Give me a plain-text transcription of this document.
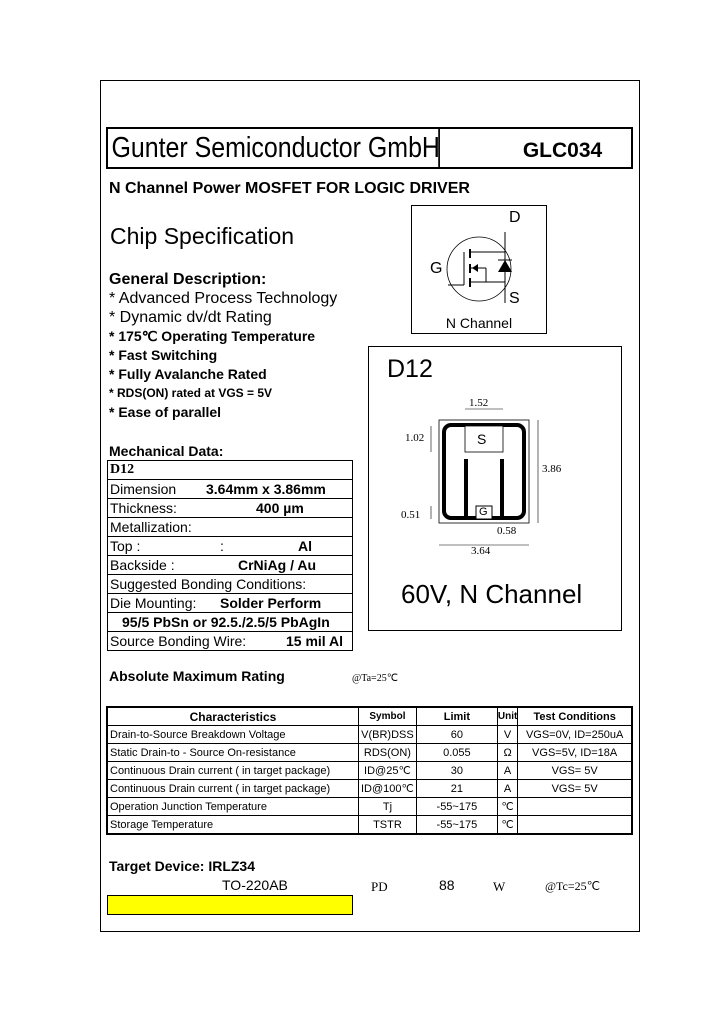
Gunter Semiconductor GmbH	GLC034
N Channel Power MOSFET FOR LOGIC DRIVER
Chip Specification
General Description:
* Advanced Process Technology
* Dynamic dv/dt Rating
* 175℃ Operating Temperature
* Fast Switching
* Fully Avalanche Rated
* RDS(ON) rated at VGS = 5V
* Ease of parallel
D
G
S
N Channel
D12
1.52
1.02
3.86
0.51
0.58
3.64
S
G
60V, N Channel
Mechanical Data:
D12
Dimension 3.64mm x 3.86mm
Thickness:	400 µm
Metallization:
Top :	:	Al
Backside :	CrNiAg / Au
Suggested Bonding Conditions:
Die Mounting: Solder Perform
95/5 PbSn or 92.5./2.5/5 PbAgIn
Source Bonding Wire:	15 mil Al
Absolute Maximum Rating	@Ta=25℃
Characteristics	Symbol	Limit	Unit	Test Conditions
Drain-to-Source Breakdown Voltage	V(BR)DSS	60	V	VGS=0V, ID=250uA
Static Drain-to - Source On-resistance	RDS(ON)	0.055	Ω	VGS=5V, ID=18A
Continuous Drain current ( in target package)	ID@25℃	30	A	VGS= 5V
Continuous Drain current ( in target package)	ID@100℃	21	A	VGS= 5V
Operation Junction Temperature	Tj	-55~175	℃	
Storage Temperature	TSTR	-55~175	℃	
Target Device: IRLZ34
TO-220AB	PD	88	W	@Tc=25℃
